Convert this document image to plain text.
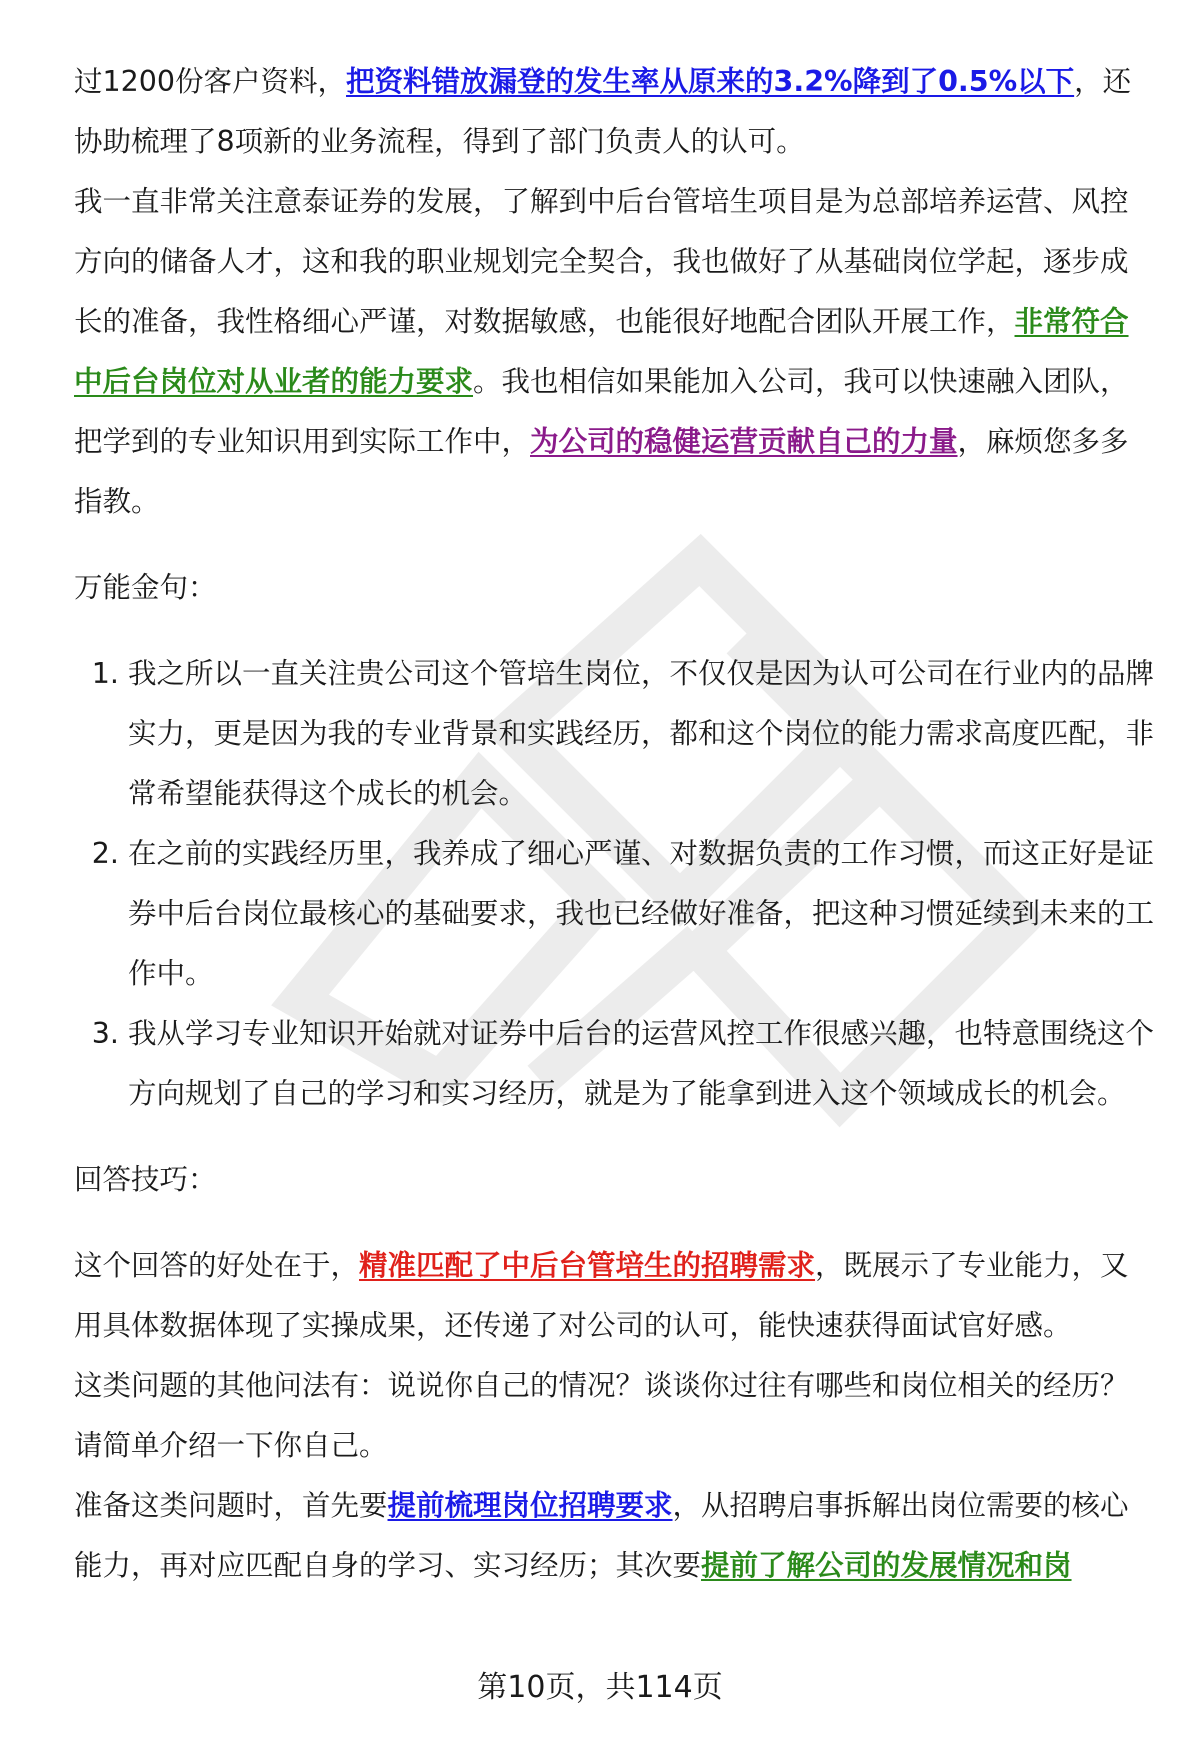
过1200份客户资料，把资料错放漏登的发生率从原来的3.2%降到了0.5%以下，还协助梳理了8项新的业务流程，得到了部门负责人的认可。

我一直非常关注意泰证券的发展，了解到中后台管培生项目是为总部培养运营、风控方向的储备人才，这和我的职业规划完全契合，我也做好了从基础岗位学起，逐步成长的准备，我性格细心严谨，对数据敏感，也能很好地配合团队开展工作，非常符合中后台岗位对从业者的能力要求。我也相信如果能加入公司，我可以快速融入团队，把学到的专业知识用到实际工作中，为公司的稳健运营贡献自己的力量，麻烦您多多指教。

万能金句：

1. 我之所以一直关注贵公司这个管培生岗位，不仅仅是因为认可公司在行业内的品牌实力，更是因为我的专业背景和实践经历，都和这个岗位的能力需求高度匹配，非常希望能获得这个成长的机会。
2. 在之前的实践经历里，我养成了细心严谨、对数据负责的工作习惯，而这正好是证券中后台岗位最核心的基础要求，我也已经做好准备，把这种习惯延续到未来的工作中。
3. 我从学习专业知识开始就对证券中后台的运营风控工作很感兴趣，也特意围绕这个方向规划了自己的学习和实习经历，就是为了能拿到进入这个领域成长的机会。

回答技巧：

这个回答的好处在于，精准匹配了中后台管培生的招聘需求，既展示了专业能力，又用具体数据体现了实操成果，还传递了对公司的认可，能快速获得面试官好感。

这类问题的其他问法有：说说你自己的情况？谈谈你过往有哪些和岗位相关的经历？请简单介绍一下你自己。

准备这类问题时，首先要提前梳理岗位招聘要求，从招聘启事拆解出岗位需要的核心能力，再对应匹配自身的学习、实习经历；其次要提前了解公司的发展情况和岗

第10页，共114页
